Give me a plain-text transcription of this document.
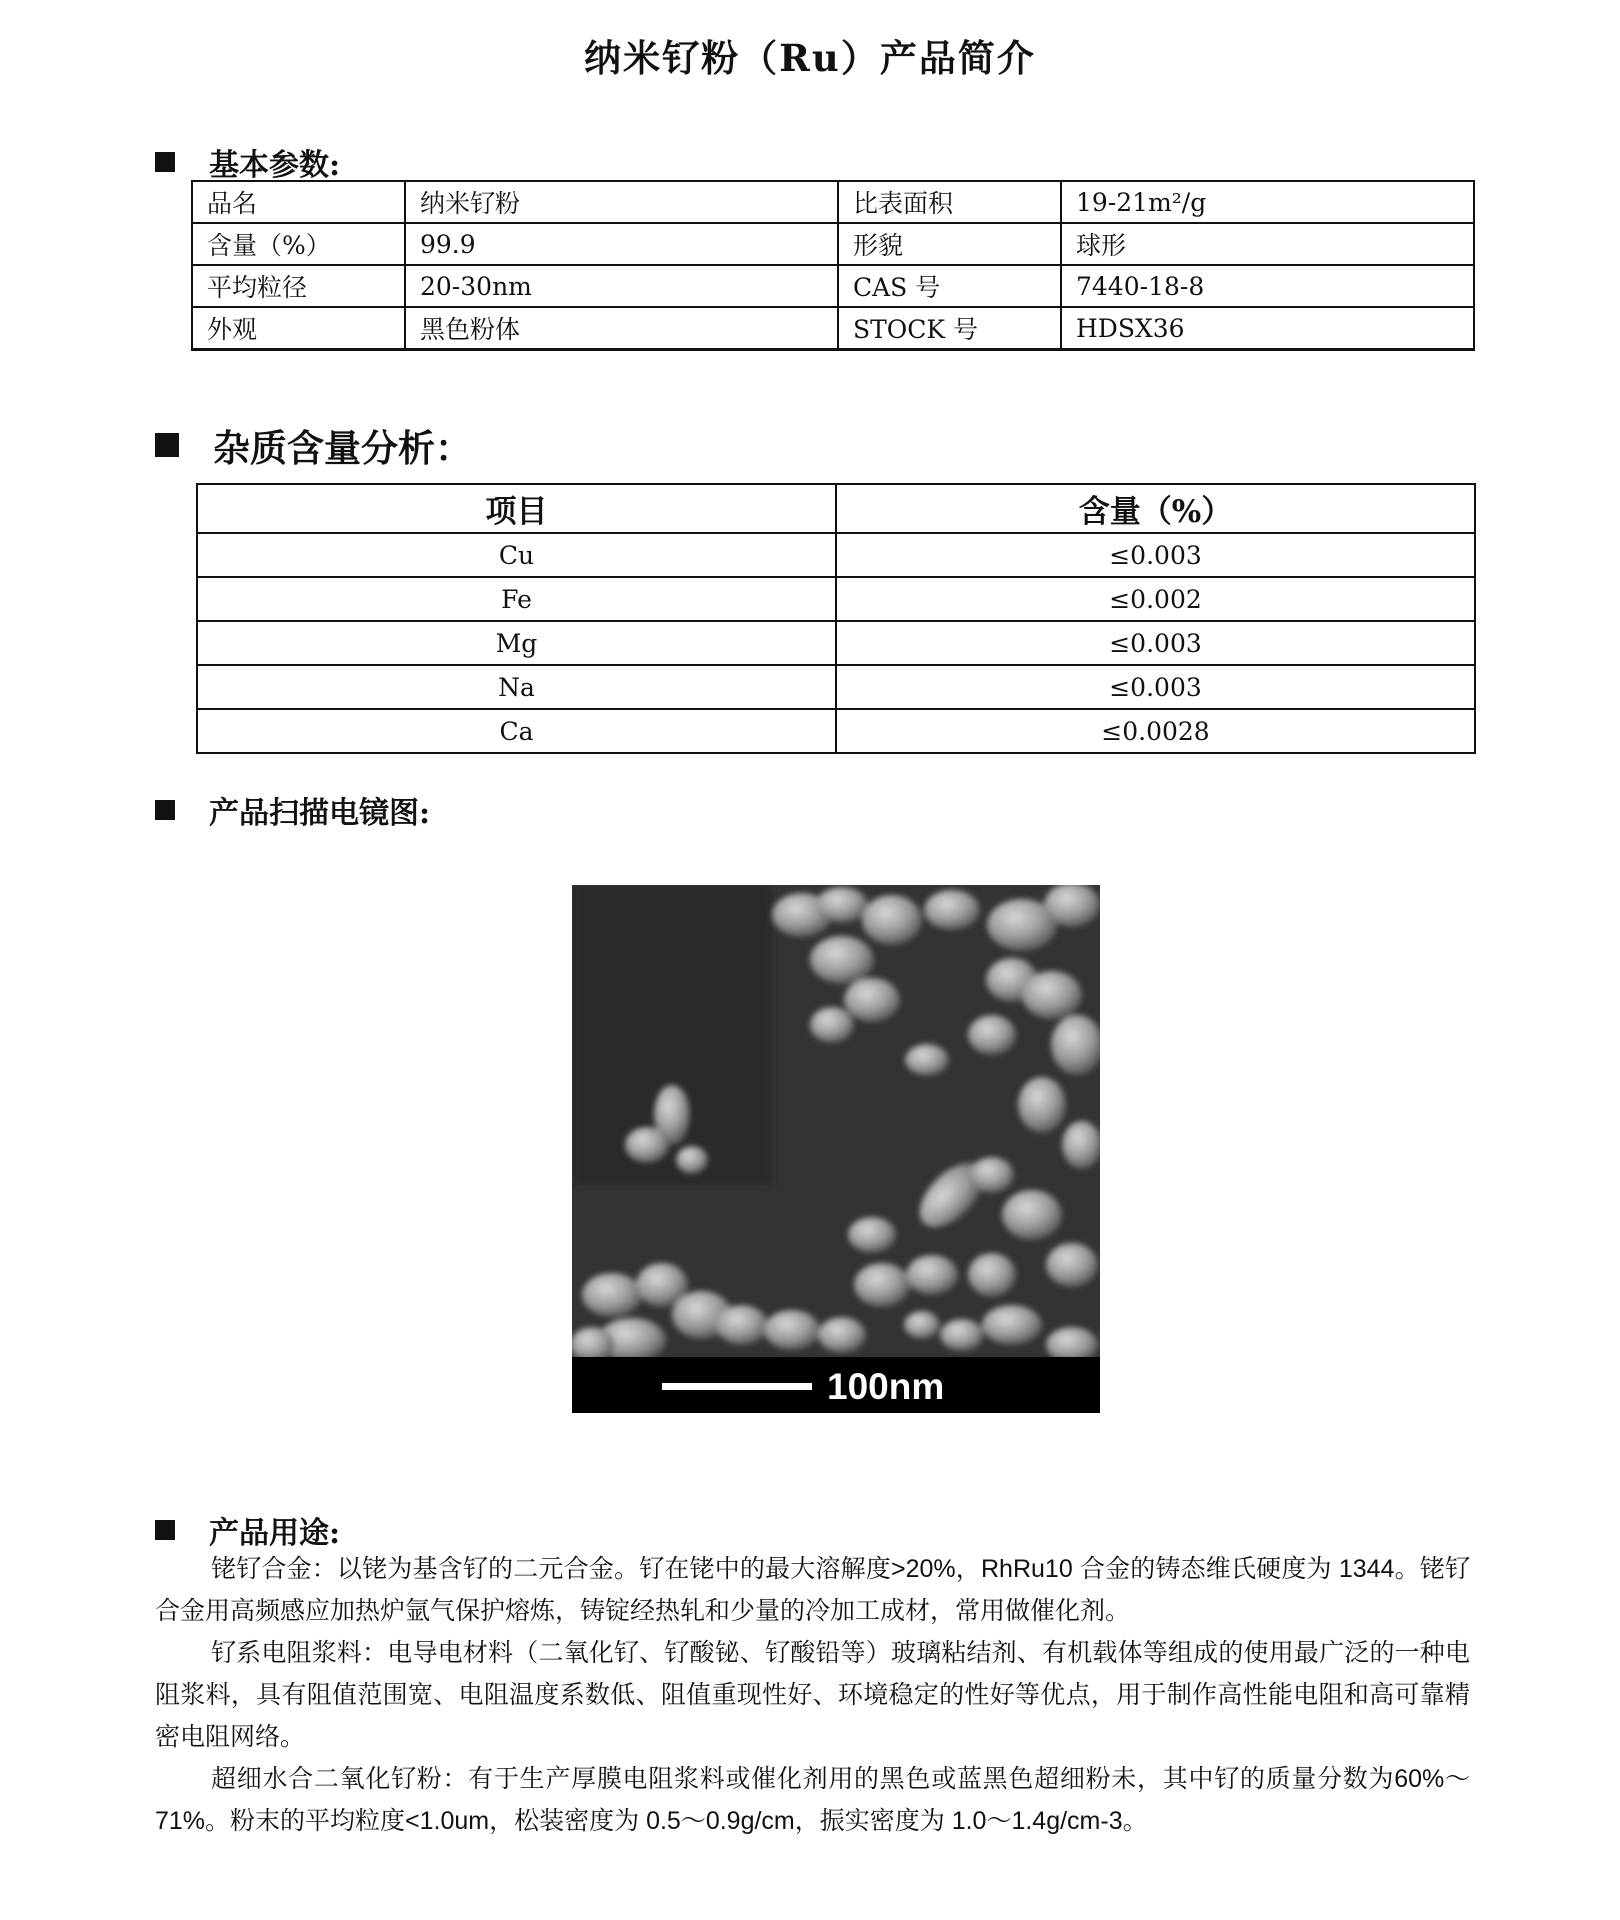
纳米钌粉（Ru）产品简介
基本参数:
品名	纳米钌粉	比表面积	19-21m²/g
含量（%）	99.9	形貌	球形
平均粒径	20-30nm	CAS 号	7440-18-8
外观	黑色粉体	STOCK 号	HDSX36
杂质含量分析：
项目	含量（%）
Cu	≤0.003
Fe	≤0.002
Mg	≤0.003
Na	≤0.003
Ca	≤0.0028
产品扫描电镜图:
100nm
产品用途:

铑钌合金：以铑为基含钌的二元合金。钌在铑中的最大溶解度>20%，RhRu10 合金的铸态维氏硬度为 1344。铑钌合金用高频感应加热炉氩气保护熔炼，铸锭经热轧和少量的冷加工成材，常用做催化剂。

钌系电阻浆料：电导电材料（二氧化钌、钌酸铋、钌酸铅等）玻璃粘结剂、有机载体等组成的使用最广泛的一种电阻浆料，具有阻值范围宽、电阻温度系数低、阻值重现性好、环境稳定的性好等优点，用于制作高性能电阻和高可靠精密电阻网络。

超细水合二氧化钌粉：有于生产厚膜电阻浆料或催化剂用的黑色或蓝黑色超细粉未，其中钌的质量分数为60%～71%。粉末的平均粒度<1.0um，松装密度为 0.5～0.9g/cm，振实密度为 1.0～1.4g/cm-3。
